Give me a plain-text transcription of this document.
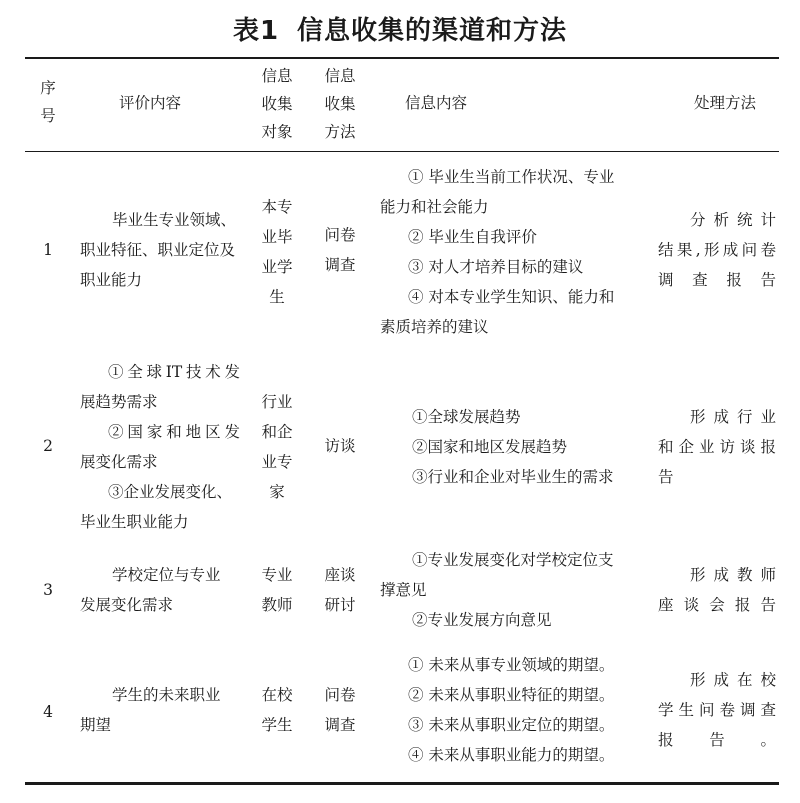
表1 信息收集的渠道和方法
序
号
评价内容
信息
收集
对象
信息
收集
方法
信息内容	处理方法
1
毕业生专业领域、
职业特征、职业定位及
职业能力
本专
业毕
业学
生
问卷
调查
① 毕业生当前工作状况、专业
能力和社会能力
② 毕业生自我评价
③ 对人才培养目标的建议
④ 对本专业学生知识、能力和
素质培养的建议
分析统计
结果,形成问卷
调查报告
2
①全球IT技术发
展趋势需求
②国家和地区发
展变化需求
③企业发展变化、
毕业生职业能力
行业
和企
业专
家
访谈
①全球发展趋势
②国家和地区发展趋势
③行业和企业对毕业生的需求
形成行业
和企业访谈报
告
3
学校定位与专业
发展变化需求
专业
教师
座谈
研讨
①专业发展变化对学校定位支
撑意见
②专业发展方向意见
形成教师
座谈会报告
4
学生的未来职业
期望
在校
学生
问卷
调查
① 未来从事专业领域的期望。
② 未来从事职业特征的期望。
③ 未来从事职业定位的期望。
④ 未来从事职业能力的期望。
形成在校
学生问卷调查
报告。
